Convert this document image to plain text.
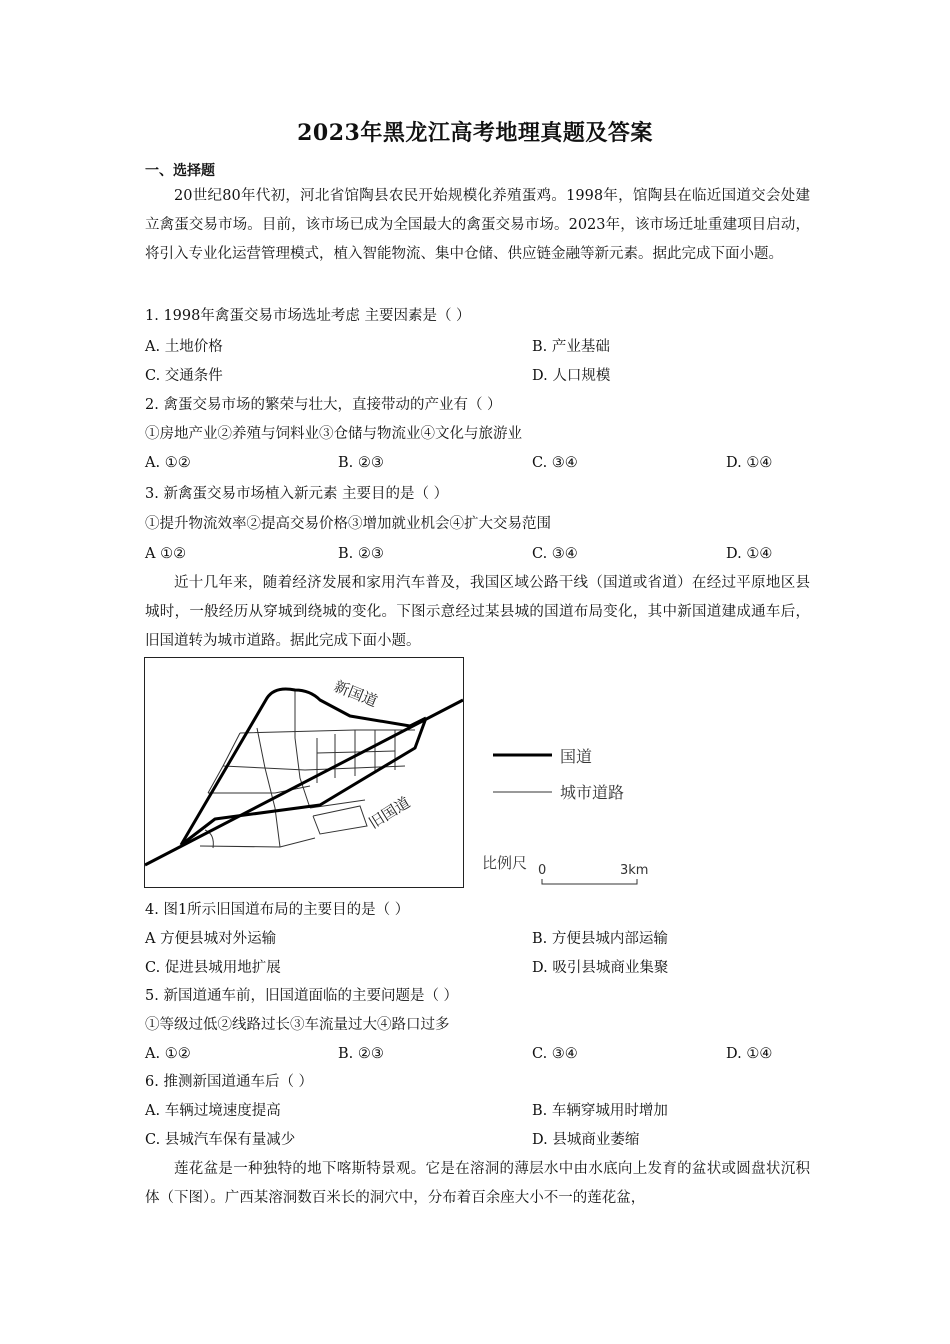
2023年黑龙江高考地理真题及答案
一、选择题

20世纪80年代初，河北省馆陶县农民开始规模化养殖蛋鸡。1998年，馆陶县在临近国道交会处建立禽蛋交易市场。目前，该市场已成为全国最大的禽蛋交易市场。2023年，该市场迁址重建项目启动，将引入专业化运营管理模式，植入智能物流、集中仓储、供应链金融等新元素。据此完成下面小题。

1. 1998年禽蛋交易市场选址考虑 主要因素是（ ）
A. 土地价格	B. 产业基础
C. 交通条件	D. 人口规模
2. 禽蛋交易市场的繁荣与壮大，直接带动的产业有（ ）
①房地产业②养殖与饲料业③仓储与物流业④文化与旅游业
A. ①②	B. ②③	C. ③④	D. ①④
3. 新禽蛋交易市场植入新元素 主要目的是（ ）
①提升物流效率②提高交易价格③增加就业机会④扩大交易范围
A ①②	B. ②③	C. ③④	D. ①④

近十几年来，随着经济发展和家用汽车普及，我国区域公路干线（国道或省道）在经过平原地区县城时，一般经历从穿城到绕城的变化。下图示意经过某县城的国道布局变化，其中新国道建成通车后，旧国道转为城市道路。据此完成下面小题。

新国道
旧国道
国道
城市道路
比例尺 0	3km
4. 图1所示旧国道布局的主要目的是（ ）
A 方便县城对外运输	B. 方便县城内部运输
C. 促进县城用地扩展	D. 吸引县城商业集聚
5. 新国道通车前，旧国道面临的主要问题是（ ）
①等级过低②线路过长③车流量过大④路口过多
A. ①②	B. ②③	C. ③④	D. ①④
6. 推测新国道通车后（ ）
A. 车辆过境速度提高	B. 车辆穿城用时增加
C. 县城汽车保有量减少	D. 县城商业萎缩

莲花盆是一种独特的地下喀斯特景观。它是在溶洞的薄层水中由水底向上发育的盆状或圆盘状沉积体（下图）。广西某溶洞数百米长的洞穴中，分布着百余座大小不一的莲花盆，
